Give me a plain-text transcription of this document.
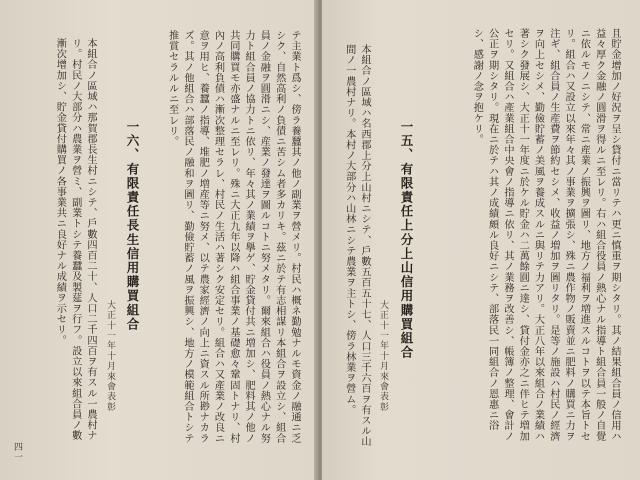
テ主業ト爲シ、傍ラ養蠶其ノ他ノ副業ヲ營メリ。村民ハ概ネ勤勉ナルモ資金ノ融通ニ乏シク、自然高利ノ負債ニ苦シム者多カリキ。茲ニ於テ有志相謀リ本組合ヲ設立シ、組合員ノ金融ヲ圓滑ニシ、産業ノ發達ヲ圖ルコトニ努メタリ。爾來組合ハ役員ノ熱心ナル努力ト組合員ノ協力トニ依リ、年々其ノ業績ヲ擧ゲ、貯金貸付共ニ増加シ、肥料其ノ他ノ共同購買モ亦盛ナルニ至レリ。殊ニ大正九年以降ハ組合事業ノ基礎愈々鞏固トナリ、村內ノ高利負債ハ漸次整理セラレ、村民ノ生活ハ著シク安定セリ。組合ハ又產業ノ改良ニ意ヲ用ヒ、養蠶ノ指導、堆肥ノ増産等ニ努メ、以テ農家經濟ノ向上ニ資スル所尠ナカラズ。其ノ他組合ハ部落民ノ融和ヲ圖リ、勤儉貯蓄ノ風ヲ振興シ、地方ノ模範組合トシテ推賞セラルルニ至レリ。
一六、有限責任長生信用購買組合
大正十一年十月來會表彰
本組合ノ區域ハ那賀郡長生村ニシテ、戶數四百二十、人口二千四百ヲ有スル一農村ナリ。村民ノ大部分ハ農業ヲ營ミ、副業トシテ養蠶及製莚ヲ行フ。設立以來組合員ノ數漸次增加シ、貯金貸付購買ノ各事業共ニ良好ナル成績ヲ示セリ。
四一
且貯金增加ノ好況ヲ呈シ貸付ニ當リテハ更ニ慎重ヲ期シタリ。其ノ結果組合員ノ信用ハ益々厚ク金融ノ圓滑ヲ得ルニ至レリ。右ハ組合役員ノ熱心ナル指導ト組合員一般ノ自覺ニ依ルモノニシテ、常ニ産業ノ振興ヲ圖リ、地方ノ福利ヲ増進スルコトヲ以テ本旨トセリ。組合ハ又設立以來年々其ノ事業ヲ擴張シ、殊ニ農作物ノ販賣並ニ肥料ノ購買ニ力ヲ注ギ、組合員ノ生産費ヲ節約セシメ、收益ノ増加ヲ圖リタリ。是等ノ施設ハ村民ノ經濟ヲ向上セシメ、勤儉貯蓄ノ美風ヲ養成スルニ與リテ力アリ。大正八年以來組合ノ業績ハ著シク發展シ、大正十一年度ニ於ケル貯金ハ二萬餘圓ニ達シ、貸付金亦之ニ伴ヒテ増加セリ。又組合ハ產業組合中央會ノ指導ニ依リ、其ノ業務ヲ改善シ、帳簿ノ整理、會計ノ公正ヲ期シタリ。現在ニ於テハ其ノ成績頗ル良好ニシテ、部落民一同組合ノ恩惠ニ浴シ、感謝ノ念ヲ抱ケリ。
一五、有限責任上分上山信用購買組合
大正十一年十月來會表彰
本組合ノ區域ハ名西郡上分上山村ニシテ、戶數五百五十七、人口三千六百ヲ有スル山間ノ一農村ナリ。本村ノ大部分ハ山林ニシテ農業ヲ主トシ、傍ラ林業ヲ營ム。
